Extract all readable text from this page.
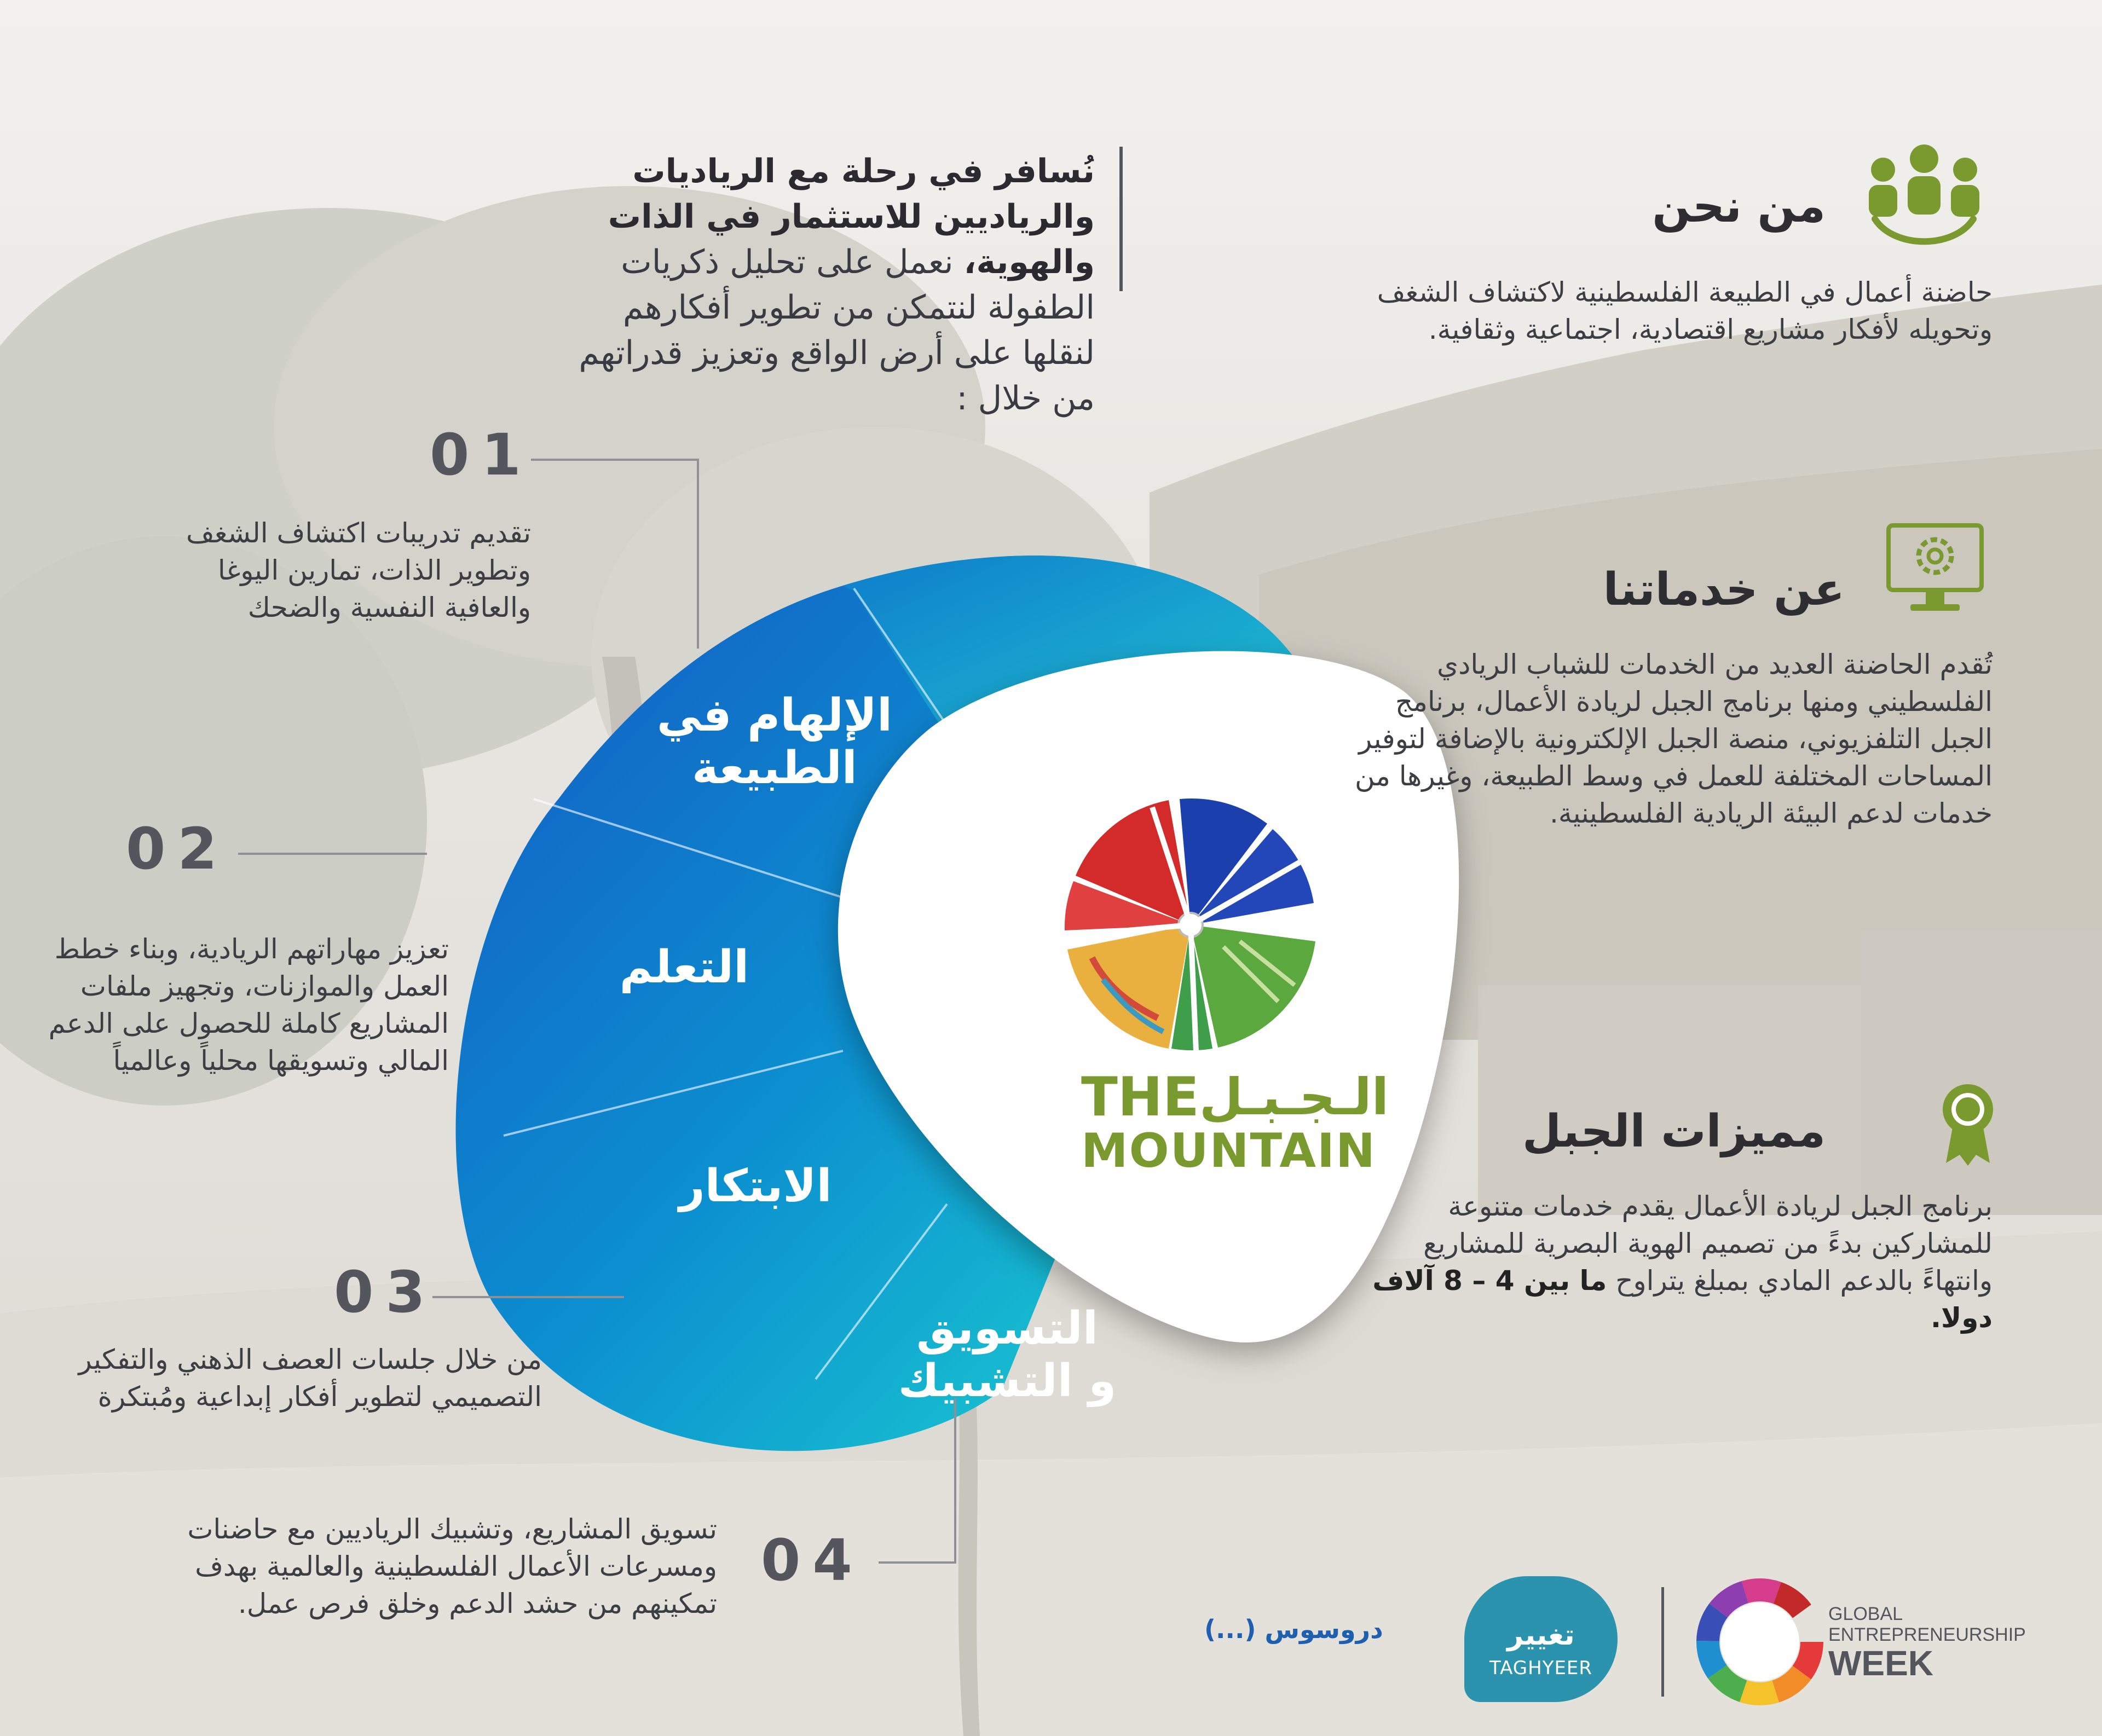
نُسافر في رحلة مع الرياديات والرياديين للاستثمار في الذات والهوية، نعمل على تحليل ذكريات الطفولة لنتمكن من تطوير أفكارهم لنقلها على أرض الواقع وتعزيز قدراتهم من خلال :
من نحن
حاضنة أعمال في الطبيعة الفلسطينية لاكتشاف الشغف وتحويله لأفكار مشاريع اقتصادية، اجتماعية وثقافية.
عن خدماتنا
تُقدم الحاضنة العديد من الخدمات للشباب الريادي الفلسطيني ومنها برنامج الجبل لريادة الأعمال، برنامج الجبل التلفزيوني، منصة الجبل الإلكترونية بالإضافة لتوفير المساحات المختلفة للعمل في وسط الطبيعة، وغيرها من خدمات لدعم البيئة الريادية الفلسطينية.
مميزات الجبل
برنامج الجبل لريادة الأعمال يقدم خدمات متنوعة للمشاركين بدءً من تصميم الهوية البصرية للمشاريع وانتهاءً بالدعم المادي بمبلغ يتراوح ما بين 4 – 8 آلاف دولا.
01
تقديم تدريبات اكتشاف الشغف وتطوير الذات، تمارين اليوغا والعافية النفسية والضحك
02
تعزيز مهاراتهم الريادية، وبناء خطط العمل والموازنات، وتجهيز ملفات المشاريع كاملة للحصول على الدعم المالي وتسويقها محلياً وعالمياً
03
من خلال جلسات العصف الذهني والتفكير التصميمي لتطوير أفكار إبداعية ومُبتكرة
04
تسويق المشاريع، وتشبيك الرياديين مع حاضنات ومسرعات الأعمال الفلسطينية والعالمية بهدف تمكينهم من حشد الدعم وخلق فرص عمل.
الإلهام في
الطبيعة
التعلم
الابتكار
التسويق
و التشبيك
THE الـجـبـل
MOUNTAIN
دروسوس (...)	تغيير
TAGHYEER
GLOBAL
ENTREPRENEURSHIP
WEEK
